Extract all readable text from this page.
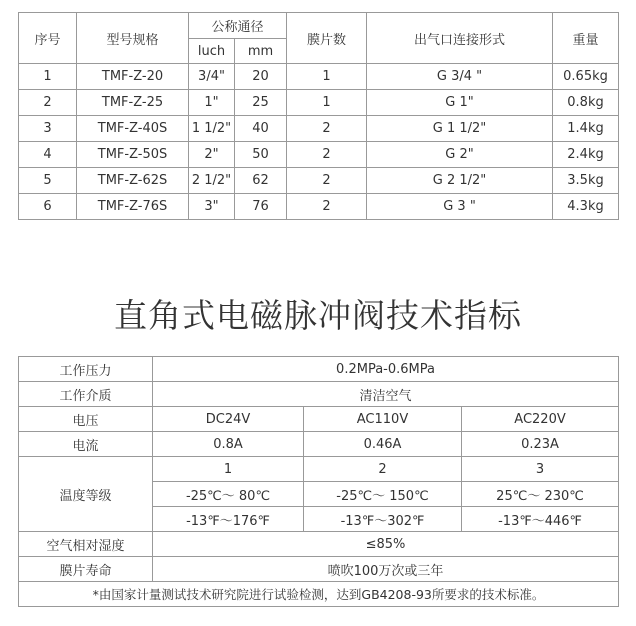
序号	型号规格	公称通径		膜片数	出气口连接形式	重量
		luch	mm			
1	TMF-Z-20	3/4"	20	1	G 3/4 "	0.65kg
2	TMF-Z-25	1"	25	1	G 1"	0.8kg
3	TMF-Z-40S	1 1/2"	40	2	G 1 1/2"	1.4kg
4	TMF-Z-50S	2"	50	2	G 2"	2.4kg
5	TMF-Z-62S	2 1/2"	62	2	G 2 1/2"	3.5kg
6	TMF-Z-76S	3"	76	2	G 3 "	4.3kg
直角式电磁脉冲阀技术指标
工作压力	0.2MPa-0.6MPa		
工作介质	清洁空气		
电压	DC24V	AC110V	AC220V
电流	0.8A	0.46A	0.23A
温度等级	1	2	3
	-25℃～ 80℃	-25℃～ 150℃	25℃～ 230℃
	-13℉～176℉	-13℉～302℉	-13℉～446℉
空气相对湿度	≤85%		
膜片寿命	喷吹100万次或三年		
*由国家计量测试技术研究院进行试验检测，达到GB4208-93所要求的技术标准。			
